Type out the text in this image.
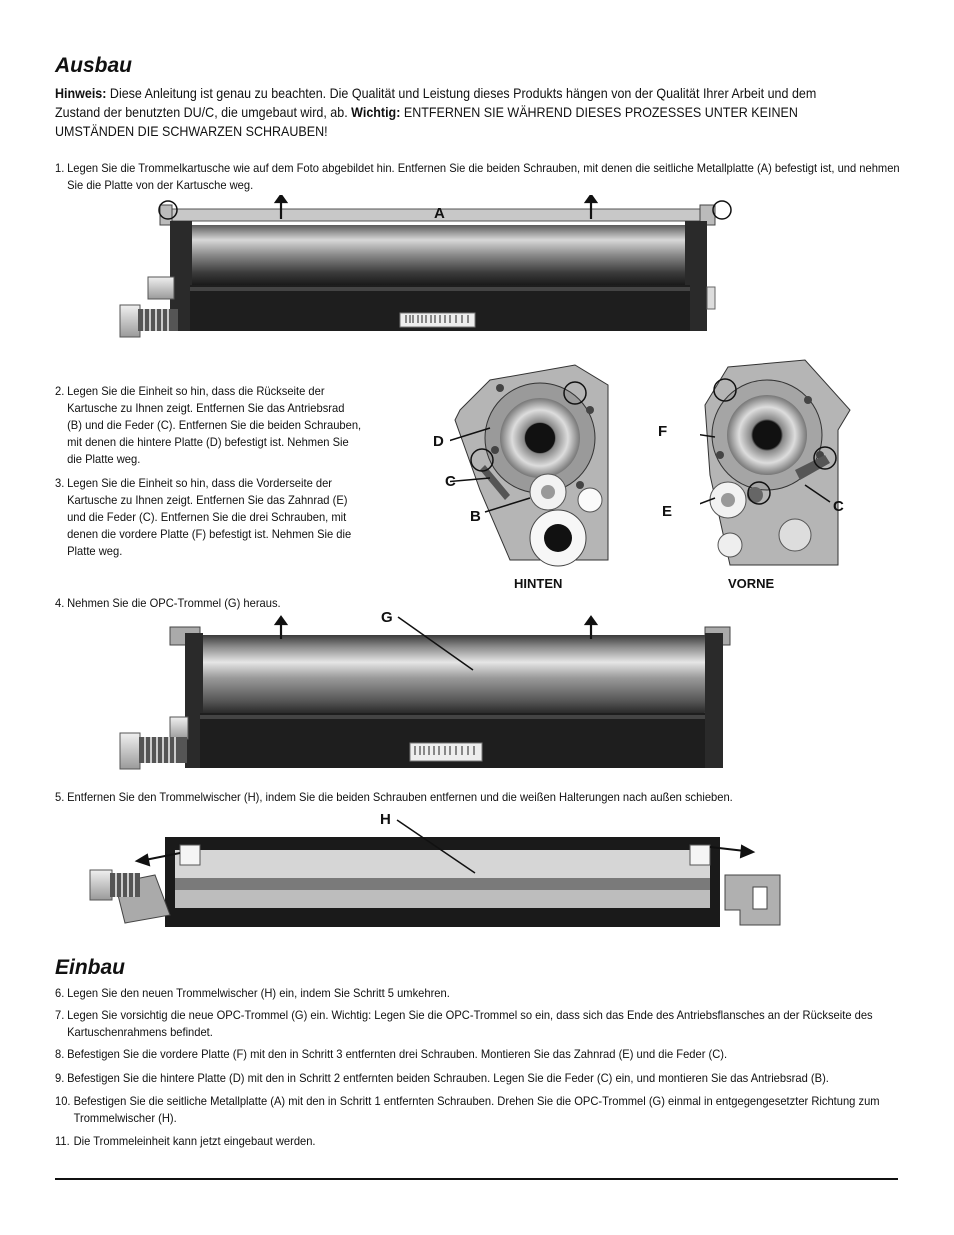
Ausbau
Hinweis: Diese Anleitung ist genau zu beachten. Die Qualität und Leistung dieses Produkts hängen von der Qualität Ihrer Arbeit und dem Zustand der benutzten DU/C, die umgebaut wird, ab. Wichtig: ENTFERNEN SIE WÄHREND DIESES PROZESSES UNTER KEINEN UMSTÄNDEN DIE SCHWARZEN SCHRAUBEN!
1. Legen Sie die Trommelkartusche wie auf dem Foto abgebildet hin. Entfernen Sie die beiden Schrauben, mit denen die seitliche Metallplatte (A) befestigt ist, und nehmen Sie die Platte von der Kartusche weg.
A
2. Legen Sie die Einheit so hin, dass die Rückseite der Kartusche zu Ihnen zeigt. Entfernen Sie das Antriebsrad (B) und die Feder (C). Entfernen Sie die beiden Schrauben, mit denen die hintere Platte (D) befestigt ist. Nehmen Sie die Platte weg.
3. Legen Sie die Einheit so hin, dass die Vorderseite der Kartusche zu Ihnen zeigt. Entfernen Sie das Zahnrad (E) und die Feder (C). Entfernen Sie die drei Schrauben, mit denen die vordere Platte (F) befestigt ist. Nehmen Sie die Platte weg.
D
C
B
HINTEN
F
E	C
VORNE
4. Nehmen Sie die OPC-Trommel (G) heraus.
G
5. Entfernen Sie den Trommelwischer (H), indem Sie die beiden Schrauben entfernen und die weißen Halterungen nach außen schieben.
H
Einbau
6. Legen Sie den neuen Trommelwischer (H) ein, indem Sie Schritt 5 umkehren.
7. Legen Sie vorsichtig die neue OPC-Trommel (G) ein. Wichtig: Legen Sie die OPC-Trommel so ein, dass sich das Ende des Antriebsflansches an der Rückseite des Kartuschenrahmens befindet.
8. Befestigen Sie die vordere Platte (F) mit den in Schritt 3 entfernten drei Schrauben. Montieren Sie das Zahnrad (E) und die Feder (C).
9. Befestigen Sie die hintere Platte (D) mit den in Schritt 2 entfernten beiden Schrauben. Legen Sie die Feder (C) ein, und montieren Sie das Antriebsrad (B).
10. Befestigen Sie die seitliche Metallplatte (A) mit den in Schritt 1 entfernten Schrauben. Drehen Sie die OPC-Trommel (G) einmal in entgegengesetzter Richtung zum Trommelwischer (H).
11. Die Trommeleinheit kann jetzt eingebaut werden.
